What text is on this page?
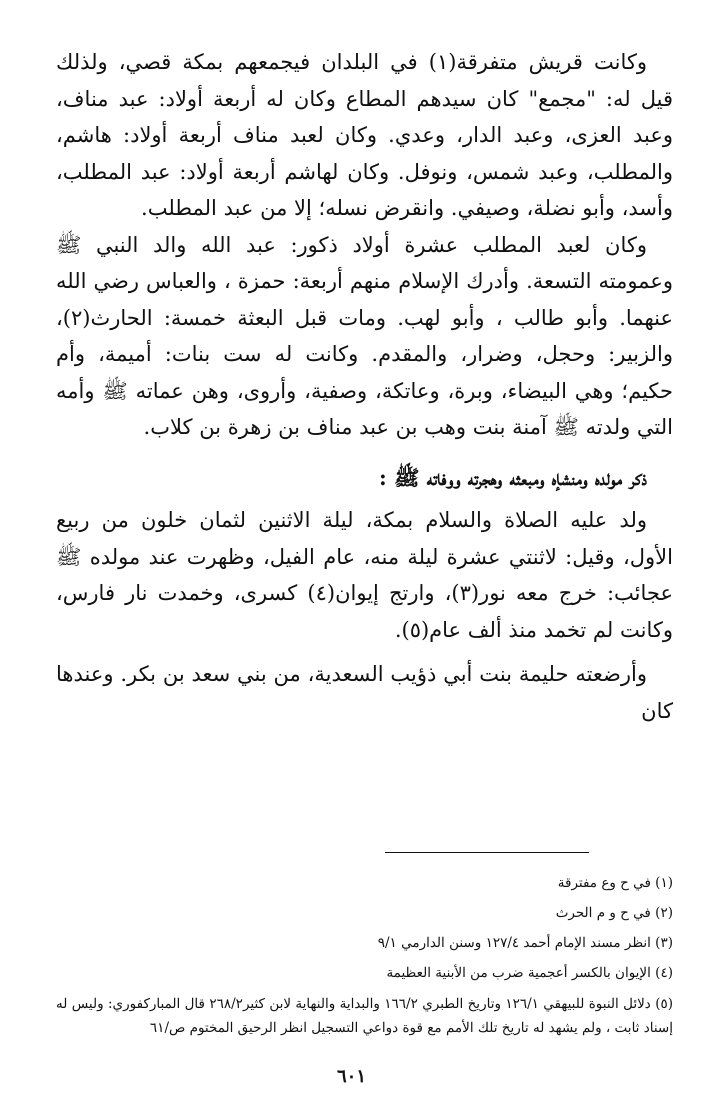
وكانت قريش متفرقة(١) في البلدان فيجمعهم بمكة قصي، ولذلك قيل له: "مجمع" كان سيدهم المطاع وكان له أربعة أولاد: عبد مناف، وعبد العزى، وعبد الدار، وعدي. وكان لعبد مناف أربعة أولاد: هاشم، والمطلب، وعبد شمس، ونوفل. وكان لهاشم أربعة أولاد: عبد المطلب، وأسد، وأبو نضلة، وصيفي. وانقرض نسله؛ إلا من عبد المطلب.

وكان لعبد المطلب عشرة أولاد ذكور: عبد الله والد النبي ﷺ وعمومته التسعة. وأدرك الإسلام منهم أربعة: حمزة ، والعباس رضي الله عنهما. وأبو طالب ، وأبو لهب. ومات قبل البعثة خمسة: الحارث(٢)، والزبير: وحجل، وضرار، والمقدم. وكانت له ست بنات: أميمة، وأم حكيم؛ وهي البيضاء، وبرة، وعاتكة، وصفية، وأروى، وهن عماته ﷺ وأمه التي ولدته ﷺ آمنة بنت وهب بن عبد مناف بن زهرة بن كلاب.

ذكر مولده ومنشإه ومبعثه وهجرته ووفاته ﷺ :

ولد عليه الصلاة والسلام بمكة، ليلة الاثنين لثمان خلون من ربيع الأول، وقيل: لاثنتي عشرة ليلة منه، عام الفيل، وظهرت عند مولده ﷺ عجائب: خرج معه نور(٣)، وارتج إيوان(٤) كسرى، وخمدت نار فارس، وكانت لم تخمد منذ ألف عام(٥).

وأرضعته حليمة بنت أبي ذؤيب السعدية، من بني سعد بن بكر. وعندها كان

(١) في ح وع مفترقة

(٢) في ح و م الحرث

(٣) انظر مسند الإمام أحمد ١٢٧/٤ وسنن الدارمي ٩/١

(٤) الإيوان بالكسر أعجمية ضرب من الأبنية العظيمة

(٥) دلائل النبوة للبيهقي ١٢٦/١ وتاريخ الطبري ١٦٦/٢ والبداية والنهاية لابن كثير٢٦٨/٢ قال المباركفوري: وليس له إسناد ثابت ، ولم يشهد له تاريخ تلك الأمم مع قوة دواعي التسجيل انظر الرحيق المختوم ص/٦١

٦٠١
